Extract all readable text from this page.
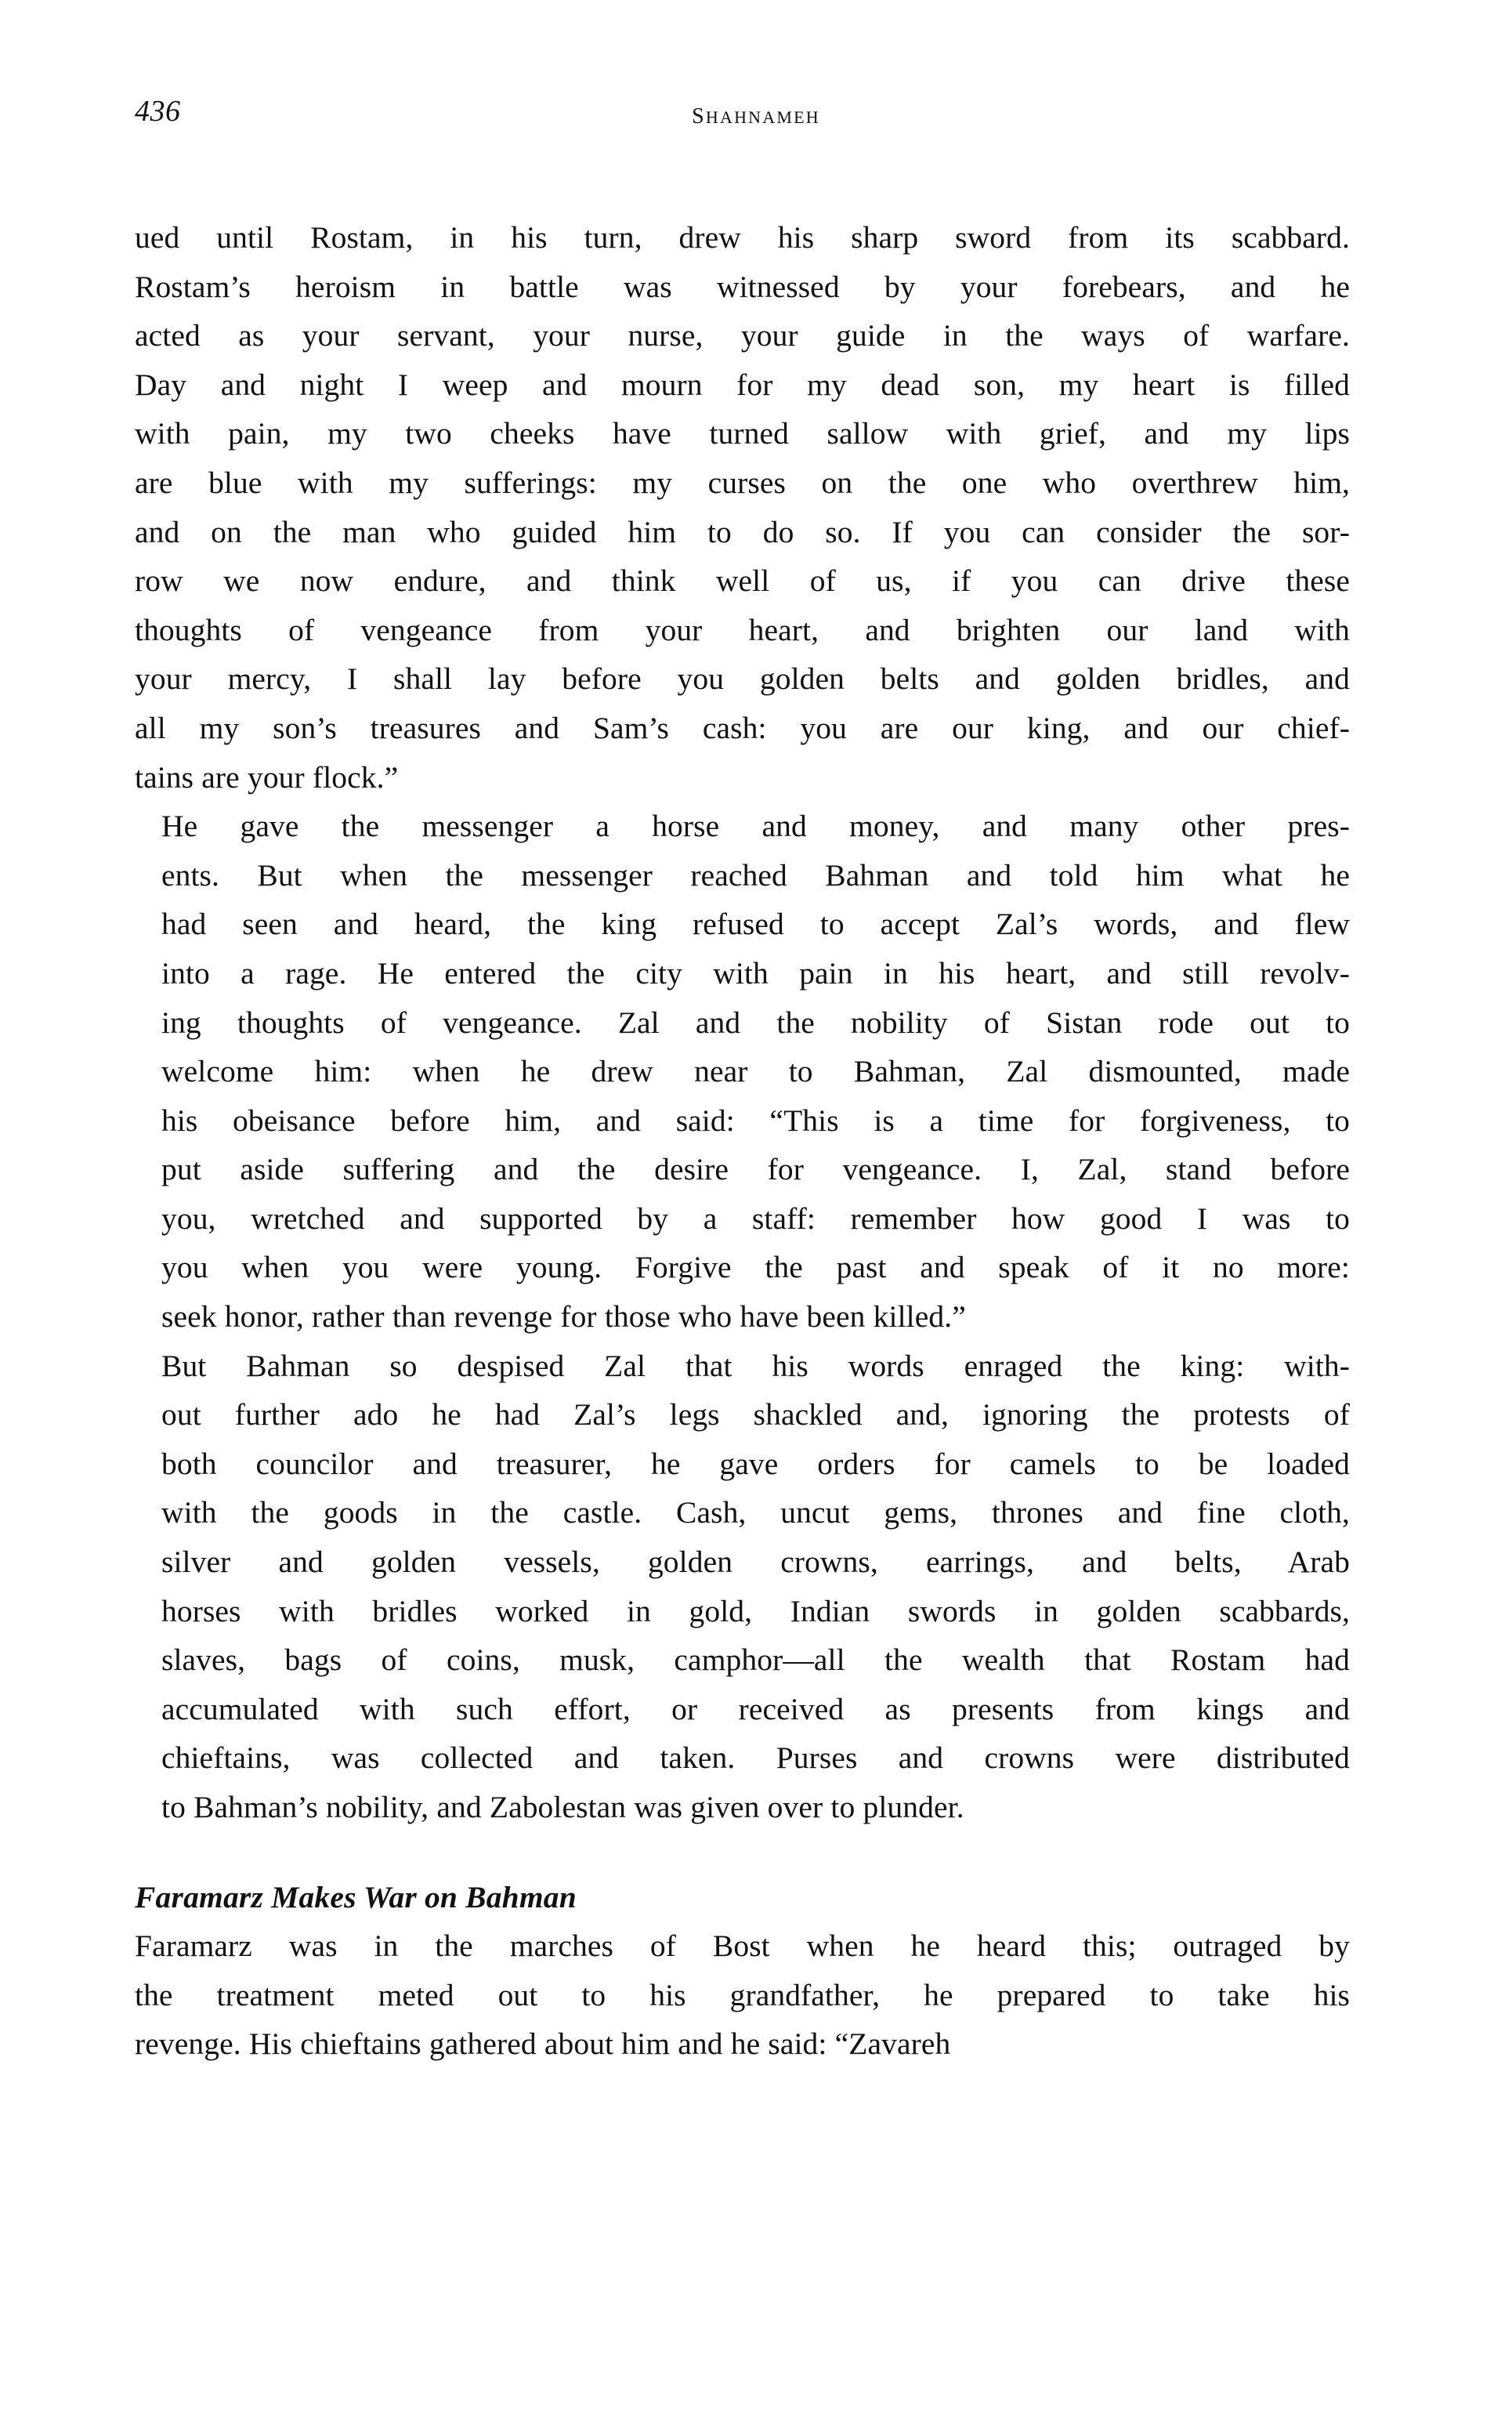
436	shahnameh

ued until Rostam, in his turn, drew his sharp sword from its scabbard.
Rostam’s heroism in battle was witnessed by your forebears, and he
acted as your servant, your nurse, your guide in the ways of warfare.
Day and night I weep and mourn for my dead son, my heart is filled
with pain, my two cheeks have turned sallow with grief, and my lips
are blue with my sufferings: my curses on the one who overthrew him,
and on the man who guided him to do so. If you can consider the sor-
row we now endure, and think well of us, if you can drive these
thoughts of vengeance from your heart, and brighten our land with
your mercy, I shall lay before you golden belts and golden bridles, and
all my son’s treasures and Sam’s cash: you are our king, and our chief-
tains are your flock.”

He gave the messenger a horse and money, and many other pres-
ents. But when the messenger reached Bahman and told him what he
had seen and heard, the king refused to accept Zal’s words, and flew
into a rage. He entered the city with pain in his heart, and still revolv-
ing thoughts of vengeance. Zal and the nobility of Sistan rode out to
welcome him: when he drew near to Bahman, Zal dismounted, made
his obeisance before him, and said: “This is a time for forgiveness, to
put aside suffering and the desire for vengeance. I, Zal, stand before
you, wretched and supported by a staff: remember how good I was to
you when you were young. Forgive the past and speak of it no more:
seek honor, rather than revenge for those who have been killed.”

But Bahman so despised Zal that his words enraged the king: with-
out further ado he had Zal’s legs shackled and, ignoring the protests of
both councilor and treasurer, he gave orders for camels to be loaded
with the goods in the castle. Cash, uncut gems, thrones and fine cloth,
silver and golden vessels, golden crowns, earrings, and belts, Arab
horses with bridles worked in gold, Indian swords in golden scabbards,
slaves, bags of coins, musk, camphor—all the wealth that Rostam had
accumulated with such effort, or received as presents from kings and
chieftains, was collected and taken. Purses and crowns were distributed
to Bahman’s nobility, and Zabolestan was given over to plunder.

Faramarz Makes War on Bahman

Faramarz was in the marches of Bost when he heard this; outraged by
the treatment meted out to his grandfather, he prepared to take his
revenge. His chieftains gathered about him and he said: “Zavareh
